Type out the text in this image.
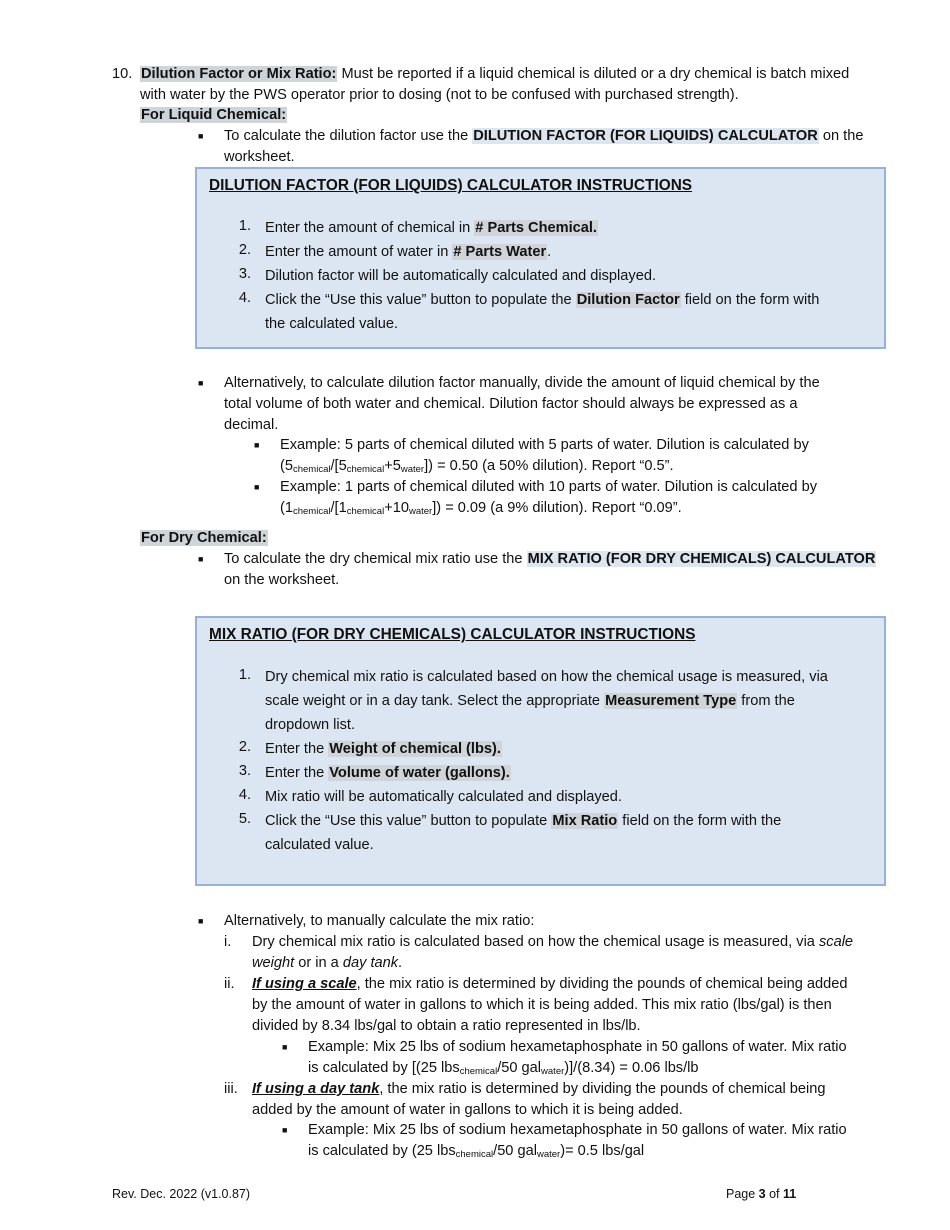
10. Dilution Factor or Mix Ratio: Must be reported if a liquid chemical is diluted or a dry chemical is batch mixed
with water by the PWS operator prior to dosing (not to be confused with purchased strength).
For Liquid Chemical:
■ To calculate the dilution factor use the DILUTION FACTOR (FOR LIQUIDS) CALCULATOR on the
worksheet.
DILUTION FACTOR (FOR LIQUIDS) CALCULATOR INSTRUCTIONS
1. Enter the amount of chemical in # Parts Chemical.
2. Enter the amount of water in # Parts Water.
3. Dilution factor will be automatically calculated and displayed.
4. Click the “Use this value” button to populate the Dilution Factor field on the form with
the calculated value.
■ Alternatively, to calculate dilution factor manually, divide the amount of liquid chemical by the
total volume of both water and chemical. Dilution factor should always be expressed as a
decimal.
■ Example: 5 parts of chemical diluted with 5 parts of water. Dilution is calculated by
$(5_{chemical}/[5_{chemical}+5_{water}]) = 0.50$ (a 50% dilution). Report “0.5”.
■ Example: 1 parts of chemical diluted with 10 parts of water. Dilution is calculated by
$(1_{chemical}/[1_{chemical}+10_{water}]) = 0.09$ (a 9% dilution). Report “0.09”.
For Dry Chemical:
■ To calculate the dry chemical mix ratio use the MIX RATIO (FOR DRY CHEMICALS) CALCULATOR
on the worksheet.
MIX RATIO (FOR DRY CHEMICALS) CALCULATOR INSTRUCTIONS
1. Dry chemical mix ratio is calculated based on how the chemical usage is measured, via
scale weight or in a day tank. Select the appropriate Measurement Type from the
dropdown list.
2. Enter the Weight of chemical (lbs).
3. Enter the Volume of water (gallons).
4. Mix ratio will be automatically calculated and displayed.
5. Click the “Use this value” button to populate Mix Ratio field on the form with the
calculated value.
■ Alternatively, to manually calculate the mix ratio:
i. Dry chemical mix ratio is calculated based on how the chemical usage is measured, via scale
weight or in a day tank.
ii. If using a scale, the mix ratio is determined by dividing the pounds of chemical being added
by the amount of water in gallons to which it is being added. This mix ratio (lbs/gal) is then
divided by 8.34 lbs/gal to obtain a ratio represented in lbs/lb.
■ Example: Mix 25 lbs of sodium hexametaphosphate in 50 gallons of water. Mix ratio
is calculated by [(25 lbs$_{chemical}$/50 gal$_{water}$)]/(8.34) = 0.06 lbs/lb
iii. If using a day tank, the mix ratio is determined by dividing the pounds of chemical being
added by the amount of water in gallons to which it is being added.
■ Example: Mix 25 lbs of sodium hexametaphosphate in 50 gallons of water. Mix ratio
is calculated by (25 lbs$_{chemical}$/50 gal$_{water}$)= 0.5 lbs/gal
Rev. Dec. 2022 (v1.0.87)	Page 3 of 11
